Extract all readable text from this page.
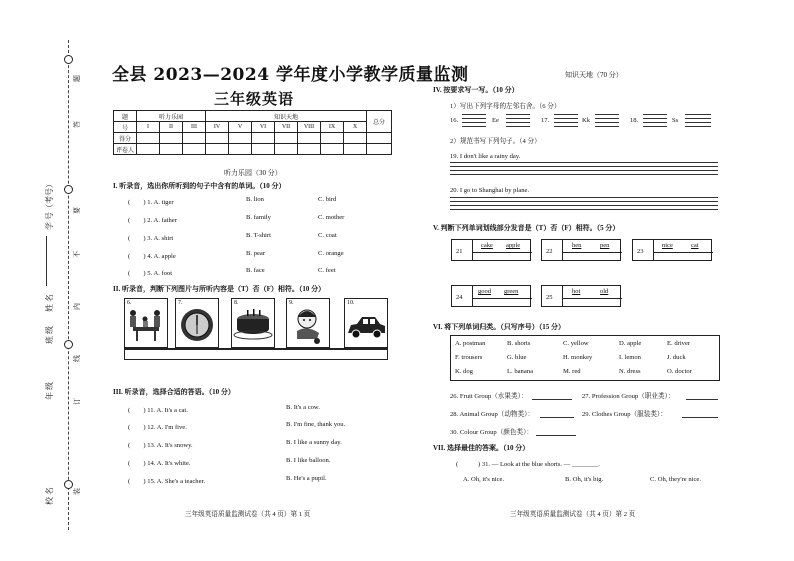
题
答
要
不
内
线
订
装
学 号（考号）
姓 名
班 级
年 级
校 名
全县 2023—2024 学年度小学教学质量监测
三年级英语
题	听力乐园			知识天地							总分
号	I	II	III	IV	V	VI	VII	VIII	IX	X	
得分											
评卷人											
听力乐园（30 分）
I. 听录音，选出你所听到的句子中含有的单词。（10 分）
(　　) 1. A. tiger	B. lion	C. bird
(　　) 2. A. father	B. family	C. mother
(　　) 3. A. shirt	B. T-shirt	C. coat
(　　) 4. A. apple	B. pear	C. orange
(　　) 5. A. foot	B. face	C. feet
II. 听录音，判断下列图片与所听内容是（T）否（F）相符。（10 分）
6.	7.	8.	9.	10.
III. 听录音，选择合适的答语。（10 分）
(　　) 11. A. It's a cat.	B. It's a cow.
(　　) 12. A. I'm five.	B. I'm fine, thank you.
(　　) 13. A. It's snowy.	B. I like a sunny day.
(　　) 14. A. It's white.	B. I like balloon.
(　　) 15. A. She's a teacher.	B. He's a pupil.
三年级英语质量监测试卷（共 4 页）第 1 页
知识天地（70 分）
IV. 按要求写一写。（10 分）
1）写出下列字母的左邻右舍。（6 分）
16.	Ee	17.	Kk	18.	Ss
2）规范书写下列句子。（4 分）
19. I don't like a rainy day.
20. I go to Shanghai by plane.
V. 判断下列单词划线部分发音是（T）否（F）相符。（5 分）
21
cake apple
22
hen	pen
23
nice	cat
24
good green
25
hot	old
VI. 将下列单词归类。（只写序号）（15 分）
A. postman	B. shorts	C. yellow	D. apple	E. driver
F. trousers	G. blue	H. monkey	I. lemon	J. duck
K. dog	L. banana	M. red	N. dress	O. doctor
26. Fruit Group（水果类）：	27. Profession Group（职业类）：
28. Animal Group（动物类）：	29. Clothes Group（服装类）：
30. Colour Group（颜色类）：
VII. 选择最佳的答案。（10 分）
(　　　) 31. — Look at the blue shorts. — ________.
A. Oh, it's nice.	B. Oh, it's big.	C. Oh, they're nice.
三年级英语质量监测试卷（共 4 页）第 2 页
